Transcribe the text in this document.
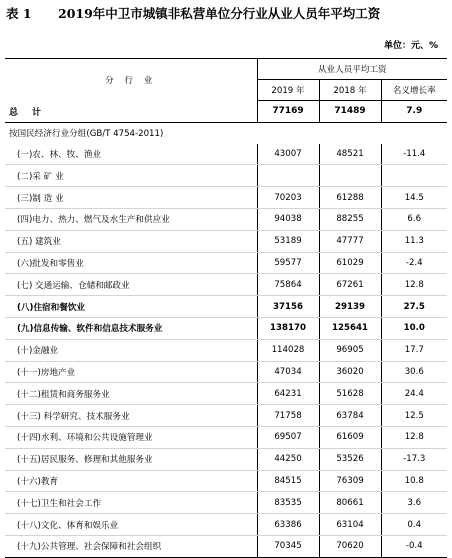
表 1 2019年中卫市城镇非私营单位分行业从业人员年平均工资
单位：元、%
分 行 业	从业人员平均工资		
	2019 年	2018 年	名义增长率
总计	77169	71489	7.9
按国民经济行业分组(GB/T 4754-2011)			
(一)农、林、牧、渔业	43007	48521	-11.4
(二)采 矿 业			
(三)制 造 业	70203	61288	14.5
(四)电力、热力、燃气及水生产和供应业	94038	88255	6.6
(五) 建筑业	53189	47777	11.3
(六)批发和零售业	59577	61029	-2.4
(七) 交通运输、仓储和邮政业	75864	67261	12.8
(八)住宿和餐饮业	37156	29139	27.5
(九)信息传输、软件和信息技术服务业	138170	125641	10.0
(十)金融业	114028	96905	17.7
(十一)房地产业	47034	36020	30.6
(十二)租赁和商务服务业	64231	51628	24.4
(十三) 科学研究、技术服务业	71758	63784	12.5
(十四)水利、环境和公共设施管理业	69507	61609	12.8
(十五)居民服务、修理和其他服务业	44250	53526	-17.3
(十六)教育	84515	76309	10.8
(十七)卫生和社会工作	83535	80661	3.6
(十八)文化、体育和娱乐业	63386	63104	0.4
(十九)公共管理、社会保障和社会组织	70345	70620	-0.4
